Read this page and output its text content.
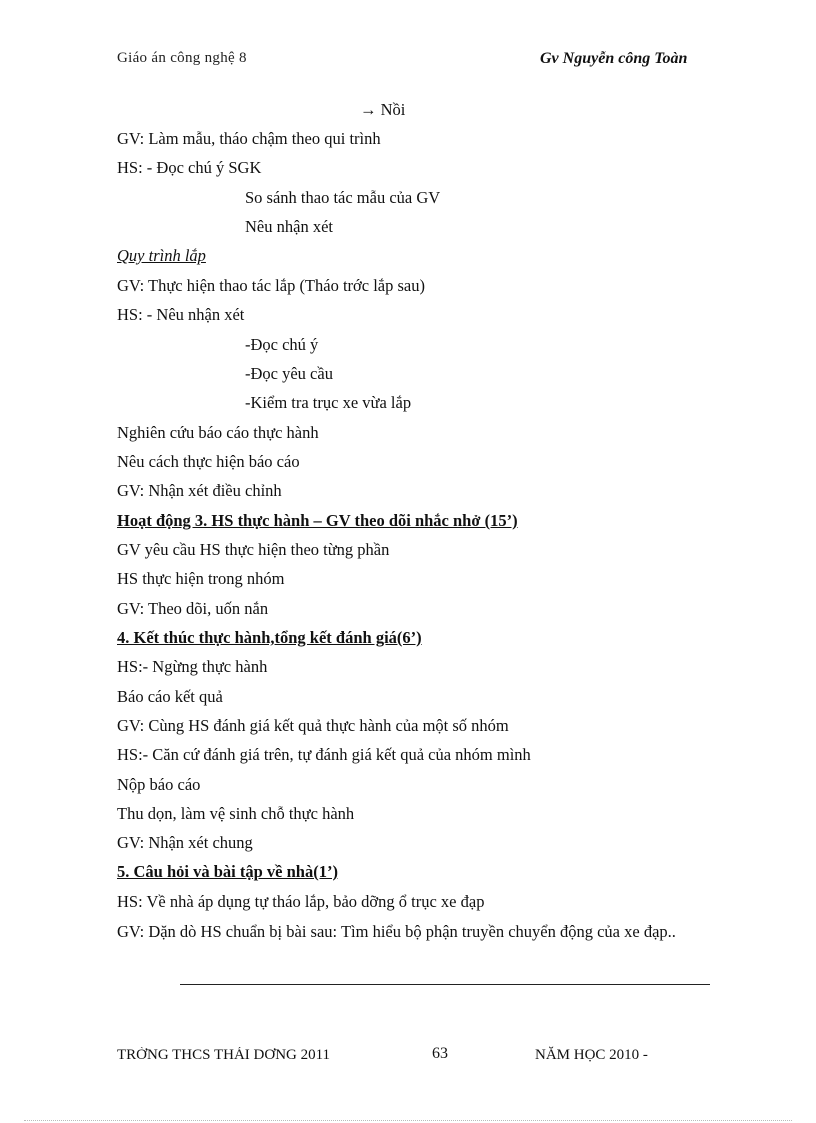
Giáo án công nghệ 8	Gv Nguyễn công Toàn
→ Nồi
GV: Làm mẫu, tháo chậm theo qui trình
HS: - Đọc chú ý SGK
So sánh thao tác mẫu của GV
Nêu nhận xét
Quy trình lắp
GV: Thực hiện thao tác lắp (Tháo trớc lắp sau)
HS: - Nêu nhận xét
-Đọc chú ý
-Đọc yêu cầu
-Kiểm tra trục xe vừa lắp
Nghiên cứu báo cáo thực hành
Nêu cách thực hiện báo cáo
GV: Nhận xét điều chỉnh
Hoạt động 3. HS thực hành – GV theo dõi nhắc nhở (15’)
GV yêu cầu HS thực hiện theo từng phần
HS thực hiện trong nhóm
GV: Theo dõi, uốn nắn
4. Kết thúc thực hành,tổng kết đánh giá(6’)
HS:- Ngừng thực hành
Báo cáo kết quả
GV: Cùng HS đánh giá kết quả thực hành của một số nhóm
HS:- Căn cứ đánh giá trên, tự đánh giá kết quả của nhóm mình
Nộp báo cáo
Thu dọn, làm vệ sinh chỗ thực hành
GV: Nhận xét chung
5. Câu hỏi và bài tập về nhà(1’)
HS: Về nhà áp dụng tự tháo lắp, bảo dỡng ổ trục xe đạp
GV: Dặn dò HS chuẩn bị bài sau: Tìm hiểu bộ phận truyền chuyển động của xe đạp..
TRỜNG THCS THÁI DƠNG 2011	63	NĂM HỌC 2010 -
